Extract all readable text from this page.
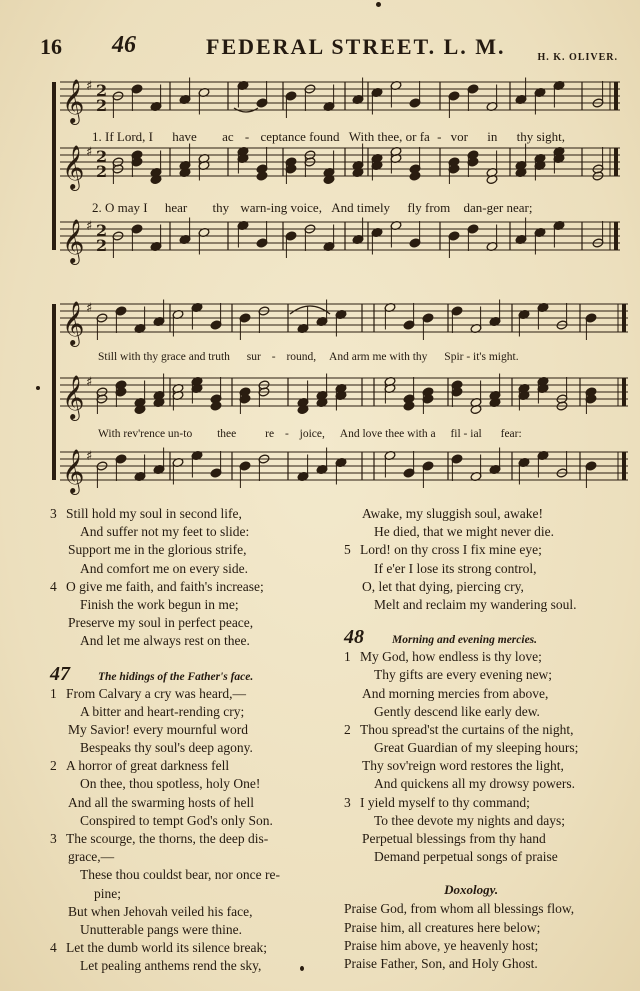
16 46	FEDERAL STREET. L. M.	H. K. OLIVER.
𝄞 ♯ 2
2
𝄞 ♯ 2
2
𝄞 ♯ 2
2
𝄞 ♯
𝄞 ♯
𝄞 ♯
1. If Lord, I have ac - ceptance found With thee, or fa - vor in thy sight,
2. O may I hear thy warn-ing voice, And timely fly from dan-ger near;
Still with thy grace and truth sur - round, And arm me with thy Spir - it's might.
With rev'rence un-to thee	re - joice, And love thee with a fil - ial fear:
3 Still hold my soul in second life,
And suffer not my feet to slide:
Support me in the glorious strife,
And comfort me on every side.
4 O give me faith, and faith's increase;
Finish the work begun in me;
Preserve my soul in perfect peace,
And let me always rest on thee.
47 The hidings of the Father's face.
1 From Calvary a cry was heard,—
A bitter and heart-rending cry;
My Savior! every mournful word
Bespeaks thy soul's deep agony.
2 A horror of great darkness fell
On thee, thou spotless, holy One!
And all the swarming hosts of hell
Conspired to tempt God's only Son.
3 The scourge, the thorns, the deep dis-
grace,—
These thou couldst bear, nor once re-
pine;
But when Jehovah veiled his face,
Unutterable pangs were thine.
4 Let the dumb world its silence break;
Let pealing anthems rend the sky,
Awake, my sluggish soul, awake!
He died, that we might never die.
5 Lord! on thy cross I fix mine eye;
If e'er I lose its strong control,
O, let that dying, piercing cry,
Melt and reclaim my wandering soul.
48 Morning and evening mercies.
1 My God, how endless is thy love;
Thy gifts are every evening new;
And morning mercies from above,
Gently descend like early dew.
2 Thou spread'st the curtains of the night,
Great Guardian of my sleeping hours;
Thy sov'reign word restores the light,
And quickens all my drowsy powers.
3 I yield myself to thy command;
To thee devote my nights and days;
Perpetual blessings from thy hand
Demand perpetual songs of praise
Doxology.
Praise God, from whom all blessings flow,
Praise him, all creatures here below;
Praise him above, ye heavenly host;
Praise Father, Son, and Holy Ghost.
